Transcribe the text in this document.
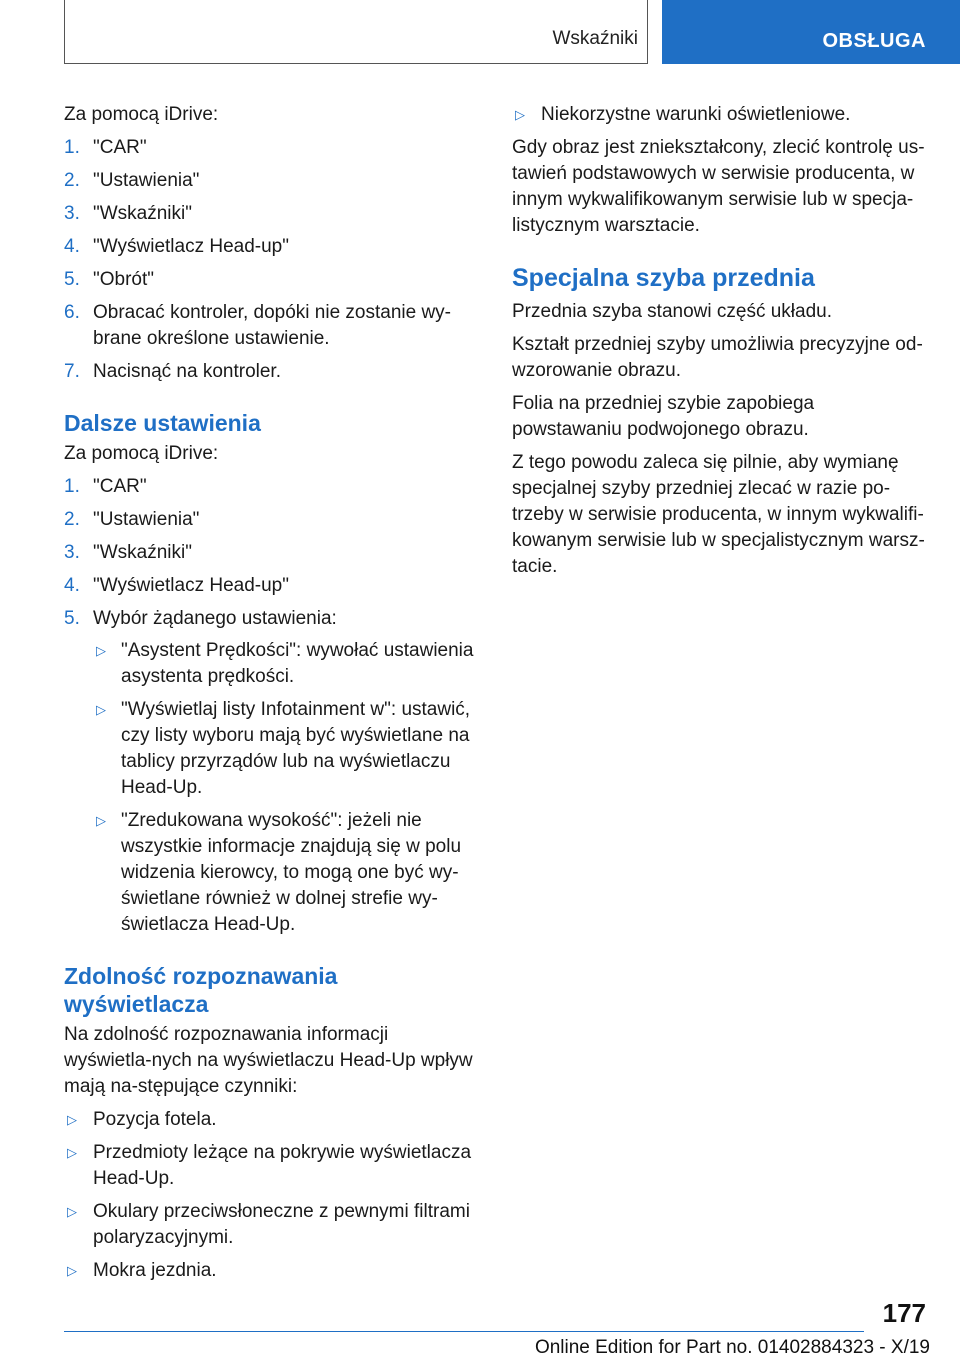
Wskaźniki	OBSŁUGA

Za pomocą iDrive:

1. "CAR"
2. "Ustawienia"
3. "Wskaźniki"
4. "Wyświetlacz Head-up"
5. "Obrót"
6. Obracać kontroler, dopóki nie zostanie wy-brane określone ustawienie.
7. Nacisnąć na kontroler.
Dalsze ustawienia

Za pomocą iDrive:

1. "CAR"
2. "Ustawienia"
3. "Wskaźniki"
4. "Wyświetlacz Head-up"
5. Wybór żądanego ustawienia:
▷ "Asystent Prędkości": wywołać ustawienia asystenta prędkości.
▷ "Wyświetlaj listy Infotainment w": ustawić, czy listy wyboru mają być wyświetlane na tablicy przyrządów lub na wyświetlaczu Head-Up.
▷ "Zredukowana wysokość": jeżeli nie wszystkie informacje znajdują się w polu widzenia kierowcy, to mogą one być wy-świetlane również w dolnej strefie wy-świetlacza Head-Up.
Zdolność rozpoznawania wyświetlacza

Na zdolność rozpoznawania informacji wyświetla-nych na wyświetlaczu Head-Up wpływ mają na-stępujące czynniki:

▷ Pozycja fotela.
▷ Przedmioty leżące na pokrywie wyświetlacza Head-Up.
▷ Okulary przeciwsłoneczne z pewnymi filtrami polaryzacyjnymi.
▷ Mokra jezdnia.
▷ Niekorzystne warunki oświetleniowe.

Gdy obraz jest zniekształcony, zlecić kontrolę us-tawień podstawowych w serwisie producenta, w innym wykwalifikowanym serwisie lub w specja-listycznym warsztacie.

Specjalna szyba przednia

Przednia szyba stanowi część układu.

Kształt przedniej szyby umożliwia precyzyjne od-wzorowanie obrazu.

Folia na przedniej szybie zapobiega powstawaniu podwojonego obrazu.

Z tego powodu zaleca się pilnie, aby wymianę specjalnej szyby przedniej zlecać w razie po-trzeby w serwisie producenta, w innym wykwalifi-kowanym serwisie lub w specjalistycznym warsz-tacie.

177
Online Edition for Part no. 01402884323 - X/19
